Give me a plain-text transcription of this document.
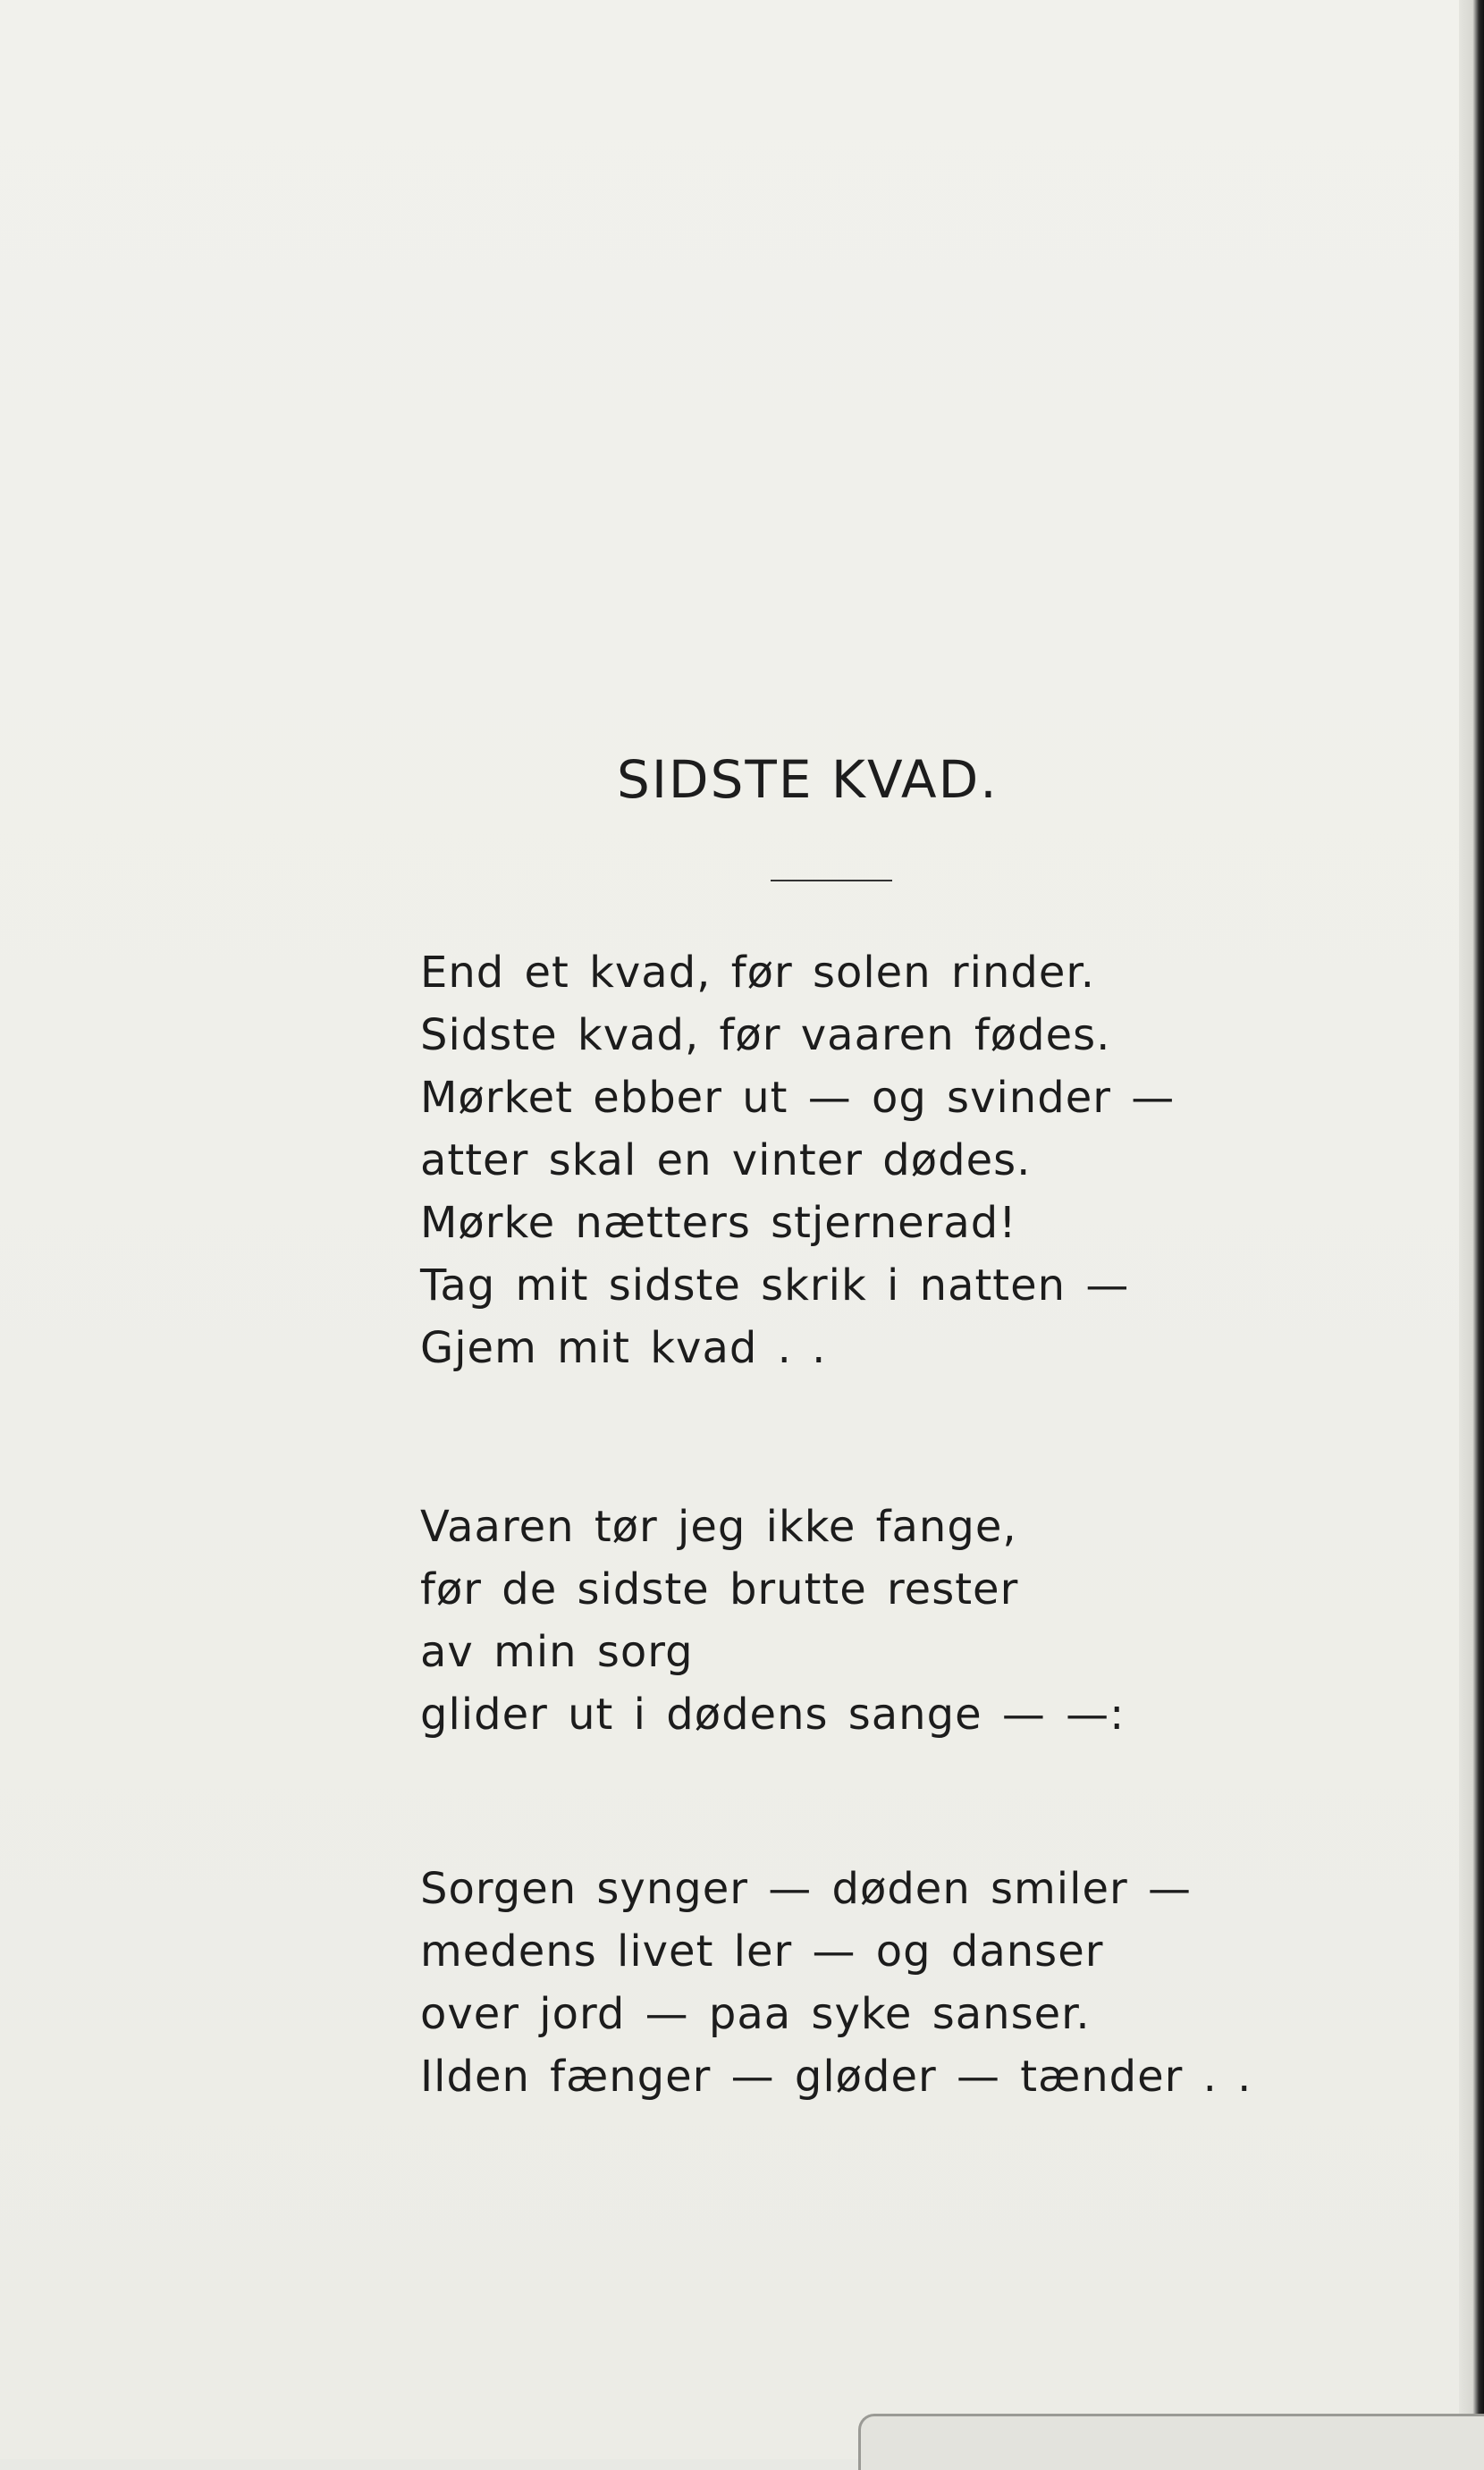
SIDSTE KVAD.
End et kvad, før solen rinder.
Sidste kvad, før vaaren fødes.
Mørket ebber ut — og svinder —
atter skal en vinter dødes.
Mørke nætters stjernerad!
Tag mit sidste skrik i natten —
Gjem mit kvad . .
Vaaren tør jeg ikke fange,
før de sidste brutte rester
av min sorg
glider ut i dødens sange — —:
Sorgen synger — døden smiler —
medens livet ler — og danser
over jord — paa syke sanser.
Ilden fænger — gløder — tænder . .
